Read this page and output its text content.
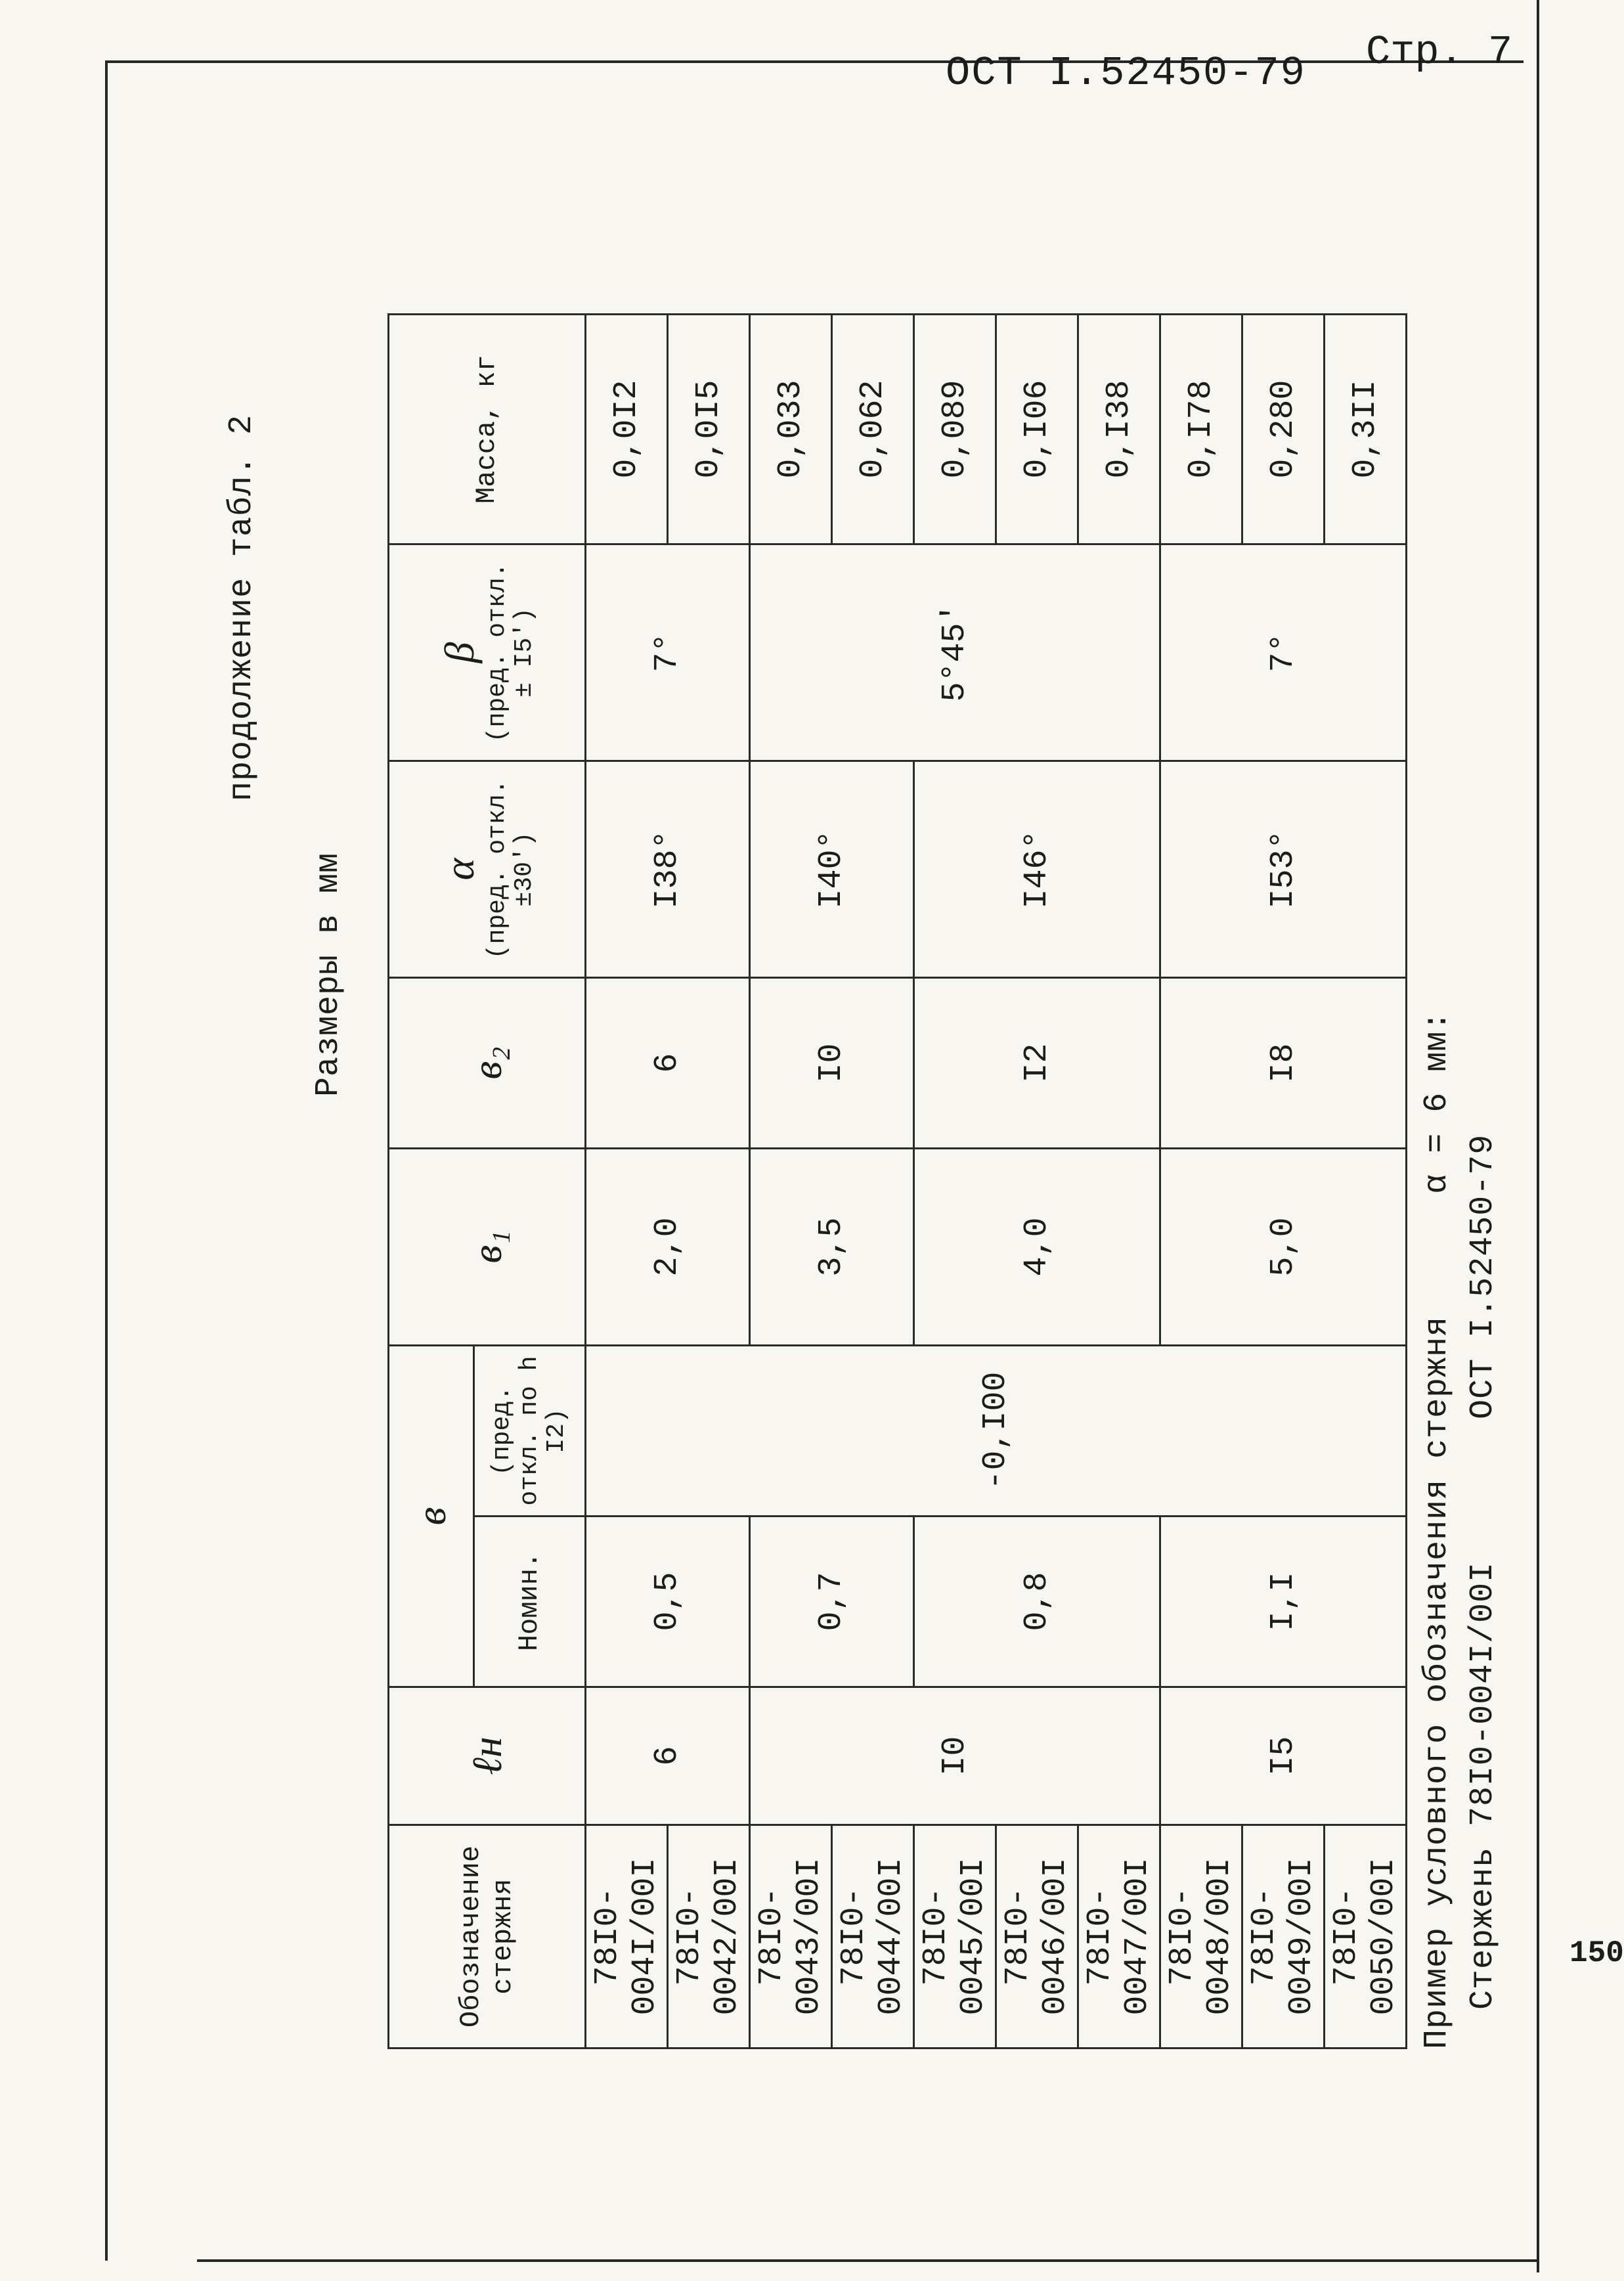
ОСТ I.52450-79 Стр. 7
150
продолжение табл. 2
Размеры в мм
Обозначение стержня	ℓн	в		в₁	в₂	α (пред. откл. ±30′)	β (пред. откл. ± I5′)	Масса, кг
		Номин.	(пред. откл. по h I2)					

78I0-004I/00I	6	0,5	-0,I00	2,0	6	I38°	7°	0,0I2
78I0-0042/00I								0,0I5
78I0-0043/00I	I0	0,7		3,5	I0	I40°	5°45′	0,033
78I0-0044/00I								0,062
78I0-0045/00I		0,8		4,0	I2	I46°		0,089
78I0-0046/00I								0,I06
78I0-0047/00I								0,I38
78I0-0048/00I	I5	I,I		5,0	I8	I53°	7°	0,I78
78I0-0049/00I								0,280
78I0-0050/00I								0,3II
Пример условного обозначения стержня      α = 6 мм:
Стержень 78I0-004I/00I       ОСТ I.52450-79
